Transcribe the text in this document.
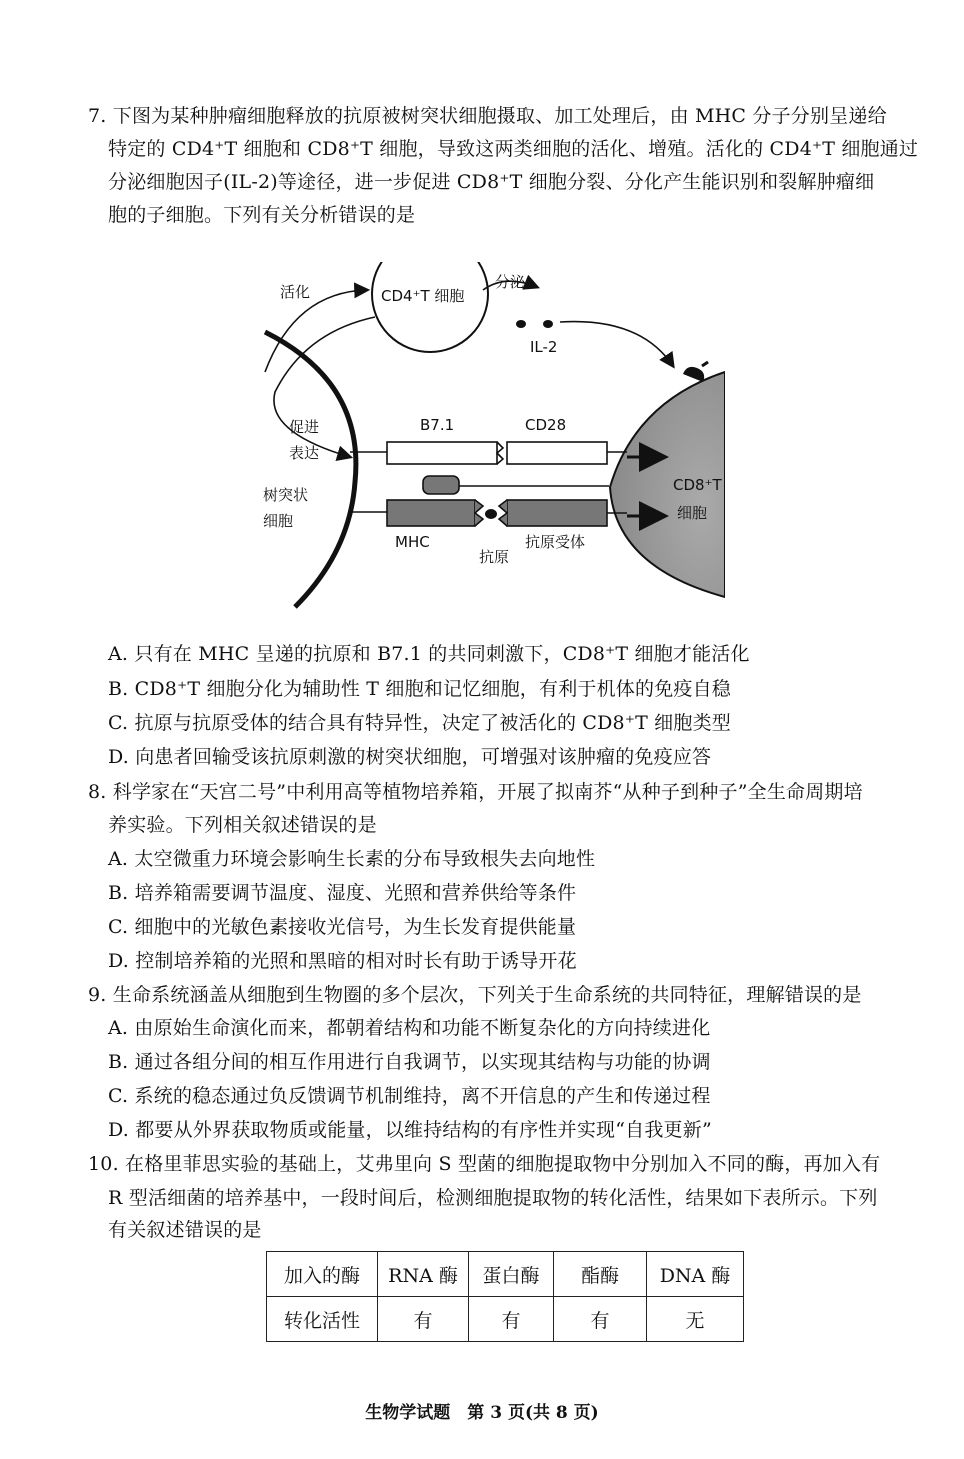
7. 下图为某种肿瘤细胞释放的抗原被树突状细胞摄取、加工处理后，由 MHC 分子分别呈递给
特定的 CD4⁺T 细胞和 CD8⁺T 细胞，导致这两类细胞的活化、增殖。活化的 CD4⁺T 细胞通过
分泌细胞因子(IL-2)等途径，进一步促进 CD8⁺T 细胞分裂、分化产生能识别和裂解肿瘤细
胞的子细胞。下列有关分析错误的是
CD4⁺T 细胞
活化
分泌
IL-2
促进
表达
B7.1	CD28
树突状
细胞
MHC
抗原
抗原受体
CD8⁺T
细胞
A. 只有在 MHC 呈递的抗原和 B7.1 的共同刺激下，CD8⁺T 细胞才能活化
B. CD8⁺T 细胞分化为辅助性 T 细胞和记忆细胞，有利于机体的免疫自稳
C. 抗原与抗原受体的结合具有特异性，决定了被活化的 CD8⁺T 细胞类型
D. 向患者回输受该抗原刺激的树突状细胞，可增强对该肿瘤的免疫应答
8. 科学家在“天宫二号”中利用高等植物培养箱，开展了拟南芥“从种子到种子”全生命周期培
养实验。下列相关叙述错误的是
A. 太空微重力环境会影响生长素的分布导致根失去向地性
B. 培养箱需要调节温度、湿度、光照和营养供给等条件
C. 细胞中的光敏色素接收光信号，为生长发育提供能量
D. 控制培养箱的光照和黑暗的相对时长有助于诱导开花
9. 生命系统涵盖从细胞到生物圈的多个层次，下列关于生命系统的共同特征，理解错误的是
A. 由原始生命演化而来，都朝着结构和功能不断复杂化的方向持续进化
B. 通过各组分间的相互作用进行自我调节，以实现其结构与功能的协调
C. 系统的稳态通过负反馈调节机制维持，离不开信息的产生和传递过程
D. 都要从外界获取物质或能量，以维持结构的有序性并实现“自我更新”
10. 在格里菲思实验的基础上，艾弗里向 S 型菌的细胞提取物中分别加入不同的酶，再加入有
R 型活细菌的培养基中，一段时间后，检测细胞提取物的转化活性，结果如下表所示。下列
有关叙述错误的是
加入的酶	RNA 酶	蛋白酶	酯酶	DNA 酶
转化活性	有	有	有	无
生物学试题　第 3 页(共 8 页)
